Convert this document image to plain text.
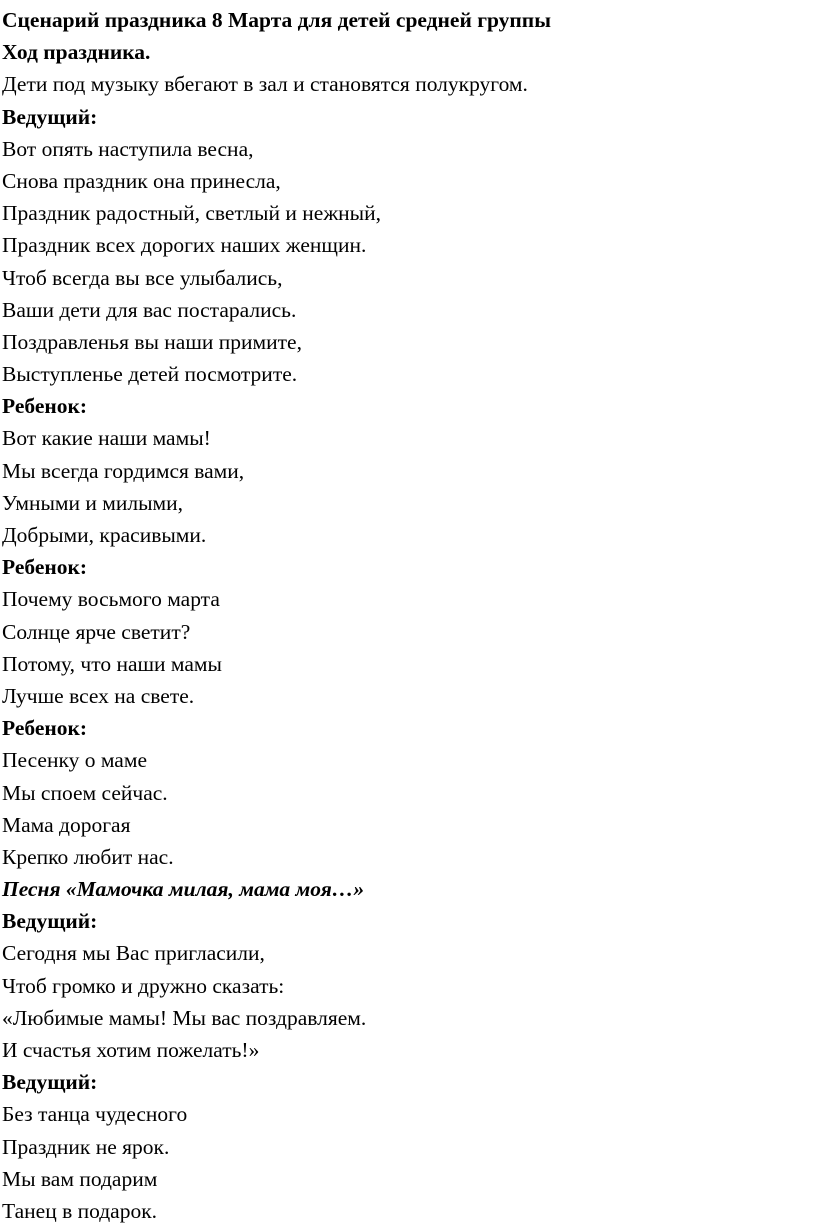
Сценарий праздника 8 Марта для детей средней группы
Ход праздника.
Дети под музыку вбегают в зал и становятся полукругом.
Ведущий:
Вот опять наступила весна,
Снова праздник она принесла,
Праздник радостный, светлый и нежный,
Праздник всех дорогих наших женщин.
Чтоб всегда вы все улыбались,
Ваши дети для вас постарались.
Поздравленья вы наши примите,
Выступленье детей посмотрите.
Ребенок:
Вот какие наши мамы!
Мы всегда гордимся вами,
Умными и милыми,
Добрыми, красивыми.
Ребенок:
Почему восьмого марта
Солнце ярче светит?
Потому, что наши мамы
Лучше всех на свете.
Ребенок:
Песенку о маме
Мы споем сейчас.
Мама дорогая
Крепко любит нас.
Песня «Мамочка милая, мама моя…»
Ведущий:
Сегодня мы Вас пригласили,
Чтоб громко и дружно сказать:
«Любимые мамы! Мы вас поздравляем.
И счастья хотим пожелать!»
Ведущий:
Без танца чудесного
Праздник не ярок.
Мы вам подарим
Танец в подарок.
